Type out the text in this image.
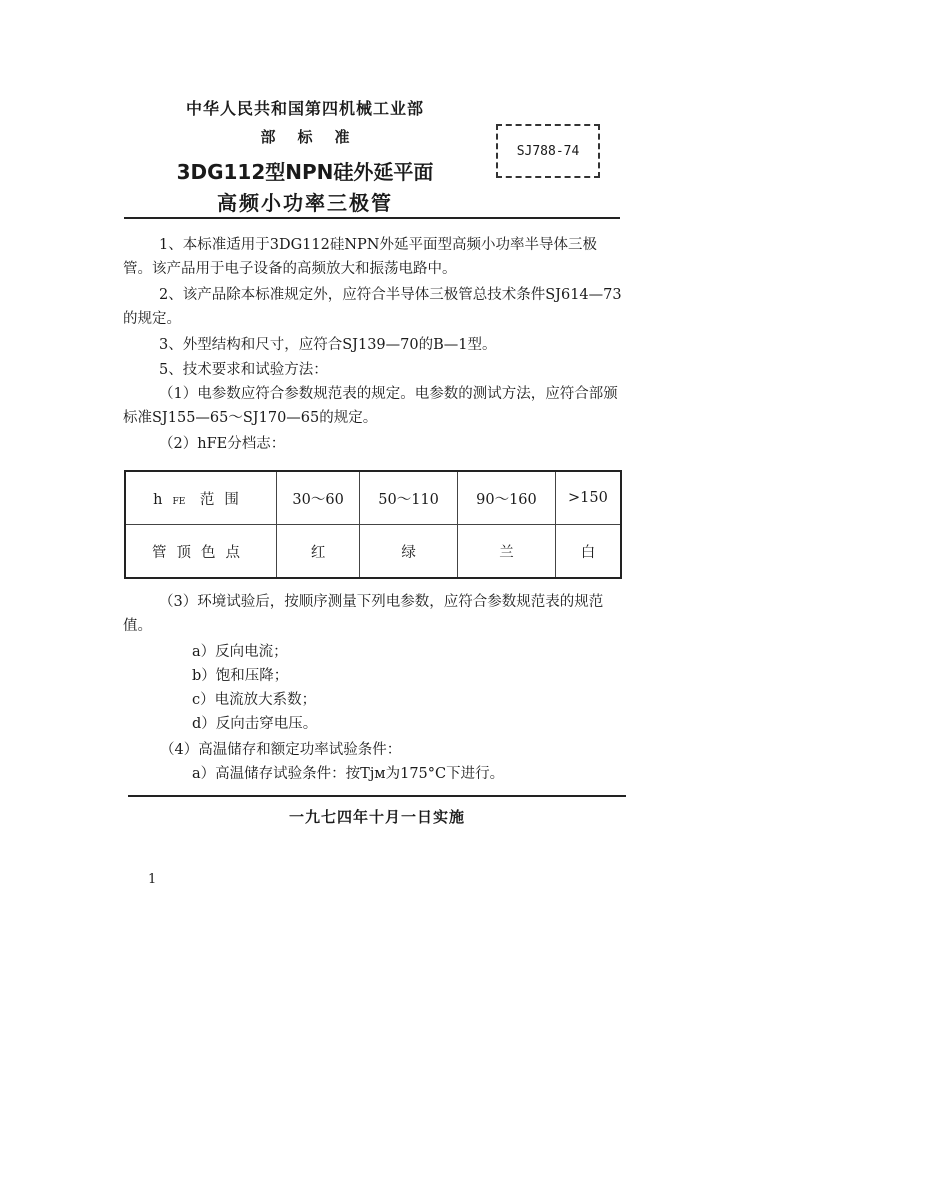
中华人民共和国第四机械工业部
部标准
3DG112型NPN硅外延平面
高频小功率三极管
SJ788-74
1、本标准适用于3DG112硅NPN外延平面型高频小功率半导体三极管。该产品用于电子设备的高频放大和振荡电路中。
2、该产品除本标准规定外，应符合半导体三极管总技术条件SJ614—73的规定。
3、外型结构和尺寸，应符合SJ139—70的B—1型。
5、技术要求和试验方法：
（1）电参数应符合参数规范表的规定。电参数的测试方法，应符合部颁标准SJ155—65～SJ170—65的规定。
（2）hFE分档志：
hFE 范围	30～60	50～110	90～160	>150
管顶色点	红	绿	兰	白
（3）环境试验后，按顺序测量下列电参数，应符合参数规范表的规范值。
a）反向电流；
b）饱和压降；
c）电流放大系数；
d）反向击穿电压。
（4）高温储存和额定功率试验条件：
a）高温储存试验条件：按Tjм为175°C下进行。
一九七四年十月一日实施
1
